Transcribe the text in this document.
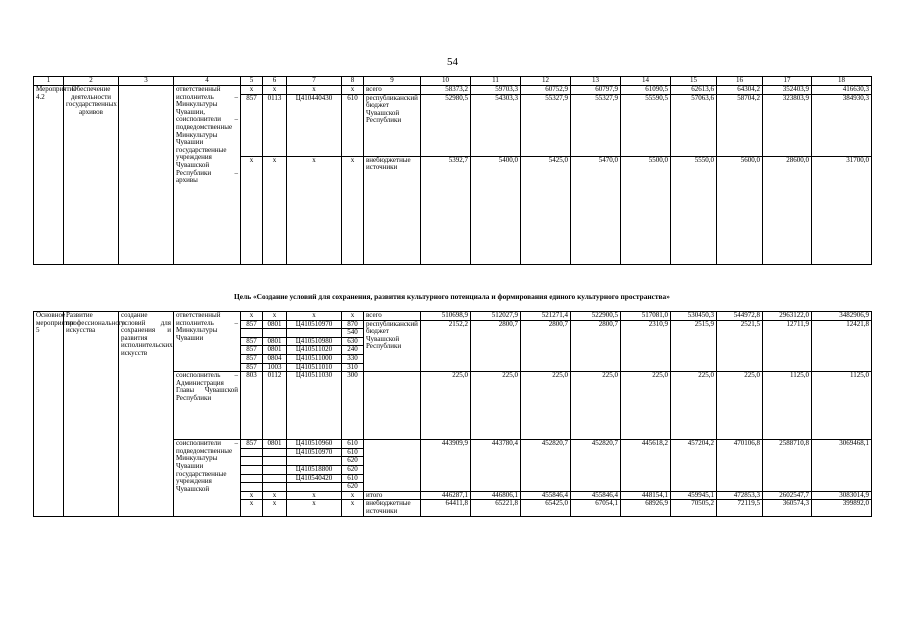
54
1	2	3	4	5	6	7	8	9	10	11	12	13	14	15	16	17	18
Мероприятие 4.2	Обеспечение деятельности государственных архивов		ответственный исполнитель – Минкультуры Чувашии, соисполнители – подведомственные Минкультуры Чувашии государственные учреждения Чувашской Республики – архивы	x	x	x	x	всего	58373,2	59703,3	60752,9	60797,9	61090,5	62613,6	64304,2	352403,9	416630,3
				857	0113	Ц410440430	610	республиканский бюджет Чувашской Республики	52980,5	54303,3	55327,9	55327,9	55590,5	57063,6	58704,2	323803,9	384930,3
				x	x	x	x	внебюджетные источники	5392,7	5400,0	5425,0	5470,0	5500,0	5550,0	5600,0	28600,0	31700,0
Цель «Создание условий для сохранения, развития культурного потенциала и формирования единого культурного пространства»
Основное мероприятие 5	Развитие профессионального искусства	создание условий для сохранения и развития исполнительских искусств	ответственный исполнитель – Минкультуры Чувашии	x	x	x	x	всего	510698,9	512027,9	521271,4	522900,5	517081,0	530450,3	544972,8	2963122,0	3482906,9
				857	0801	Ц410510970	870	республиканский бюджет Чувашской Республики	2152,2	2800,7	2800,7	2800,7	2310,9	2515,9	2521,5	12711,9	12421,8
							540										
				857	0801	Ц410510980	630										
				857	0801	Ц410511020	240										
				857	0804	Ц410511000	330										
				857	1003	Ц410511010	310										
			соисполнитель – Администрация Главы Чувашской Республики	803	0112	Ц410511030	300		225,0	225,0	225,0	225,0	225,0	225,0	225,0	1125,0	1125,0
			соисполнители – подведомственные Минкультуры Чувашии государственные учреждения Чувашской	857	0801	Ц410510960	610		443909,9	443780,4	452820,7	452820,7	445618,2	457204,2	470106,8	2588710,8	3069468,1
						Ц410510970	610										
							620										
						Ц410518800	620										
						Ц410540420	610										
							620										
				x	x	x	x	итого	446287,1	446806,1	455846,4	455846,4	448154,1	459945,1	472853,3	2602547,7	3083014,9
				x	x	x	x	внебюджетные источники	64411,8	65221,8	65425,0	67054,1	68926,9	70505,2	72119,5	360574,3	399892,0
